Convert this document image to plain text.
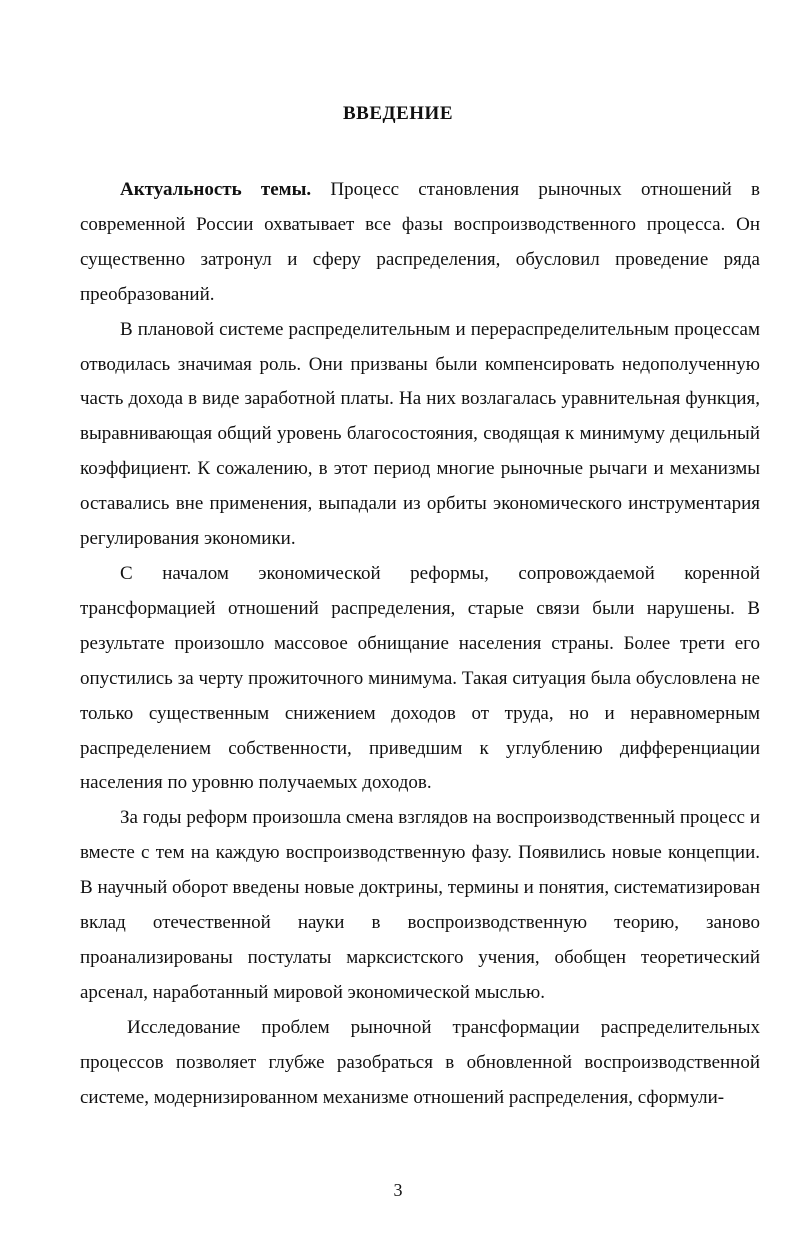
ВВЕДЕНИЕ

Актуальность темы. Процесс становления рыночных отношений в современной России охватывает все фазы воспроизводственного процесса. Он существенно затронул и сферу распределения, обусловил проведение ряда преобразований.

В плановой системе распределительным и перераспределительным процессам отводилась значимая роль. Они призваны были компенсировать недополученную часть дохода в виде заработной платы. На них возлагалась уравнительная функция, выравнивающая общий уровень благосостояния, сводящая к минимуму децильный коэффициент. К сожалению, в этот период многие рыночные рычаги и механизмы оставались вне применения, выпадали из орбиты экономического инструментария регулирования экономики.

С началом экономической реформы, сопровождаемой коренной трансформацией отношений распределения, старые связи были нарушены. В результате произошло массовое обнищание населения страны. Более трети его опустились за черту прожиточного минимума. Такая ситуация была обусловлена не только существенным снижением доходов от труда, но и неравномерным распределением собственности, приведшим к углублению дифференциации населения по уровню получаемых доходов.

За годы реформ произошла смена взглядов на воспроизводственный процесс и вместе с тем на каждую воспроизводственную фазу. Появились новые концепции. В научный оборот введены новые доктрины, термины и понятия, систематизирован вклад отечественной науки в воспроизводственную теорию, заново проанализированы постулаты марксистского учения, обобщен теоретический арсенал, наработанный мировой экономической мыслью.

Исследование проблем рыночной трансформации распределительных процессов позволяет глубже разобраться в обновленной воспроизводственной системе, модернизированном механизме отношений распределения, сформули-

3
